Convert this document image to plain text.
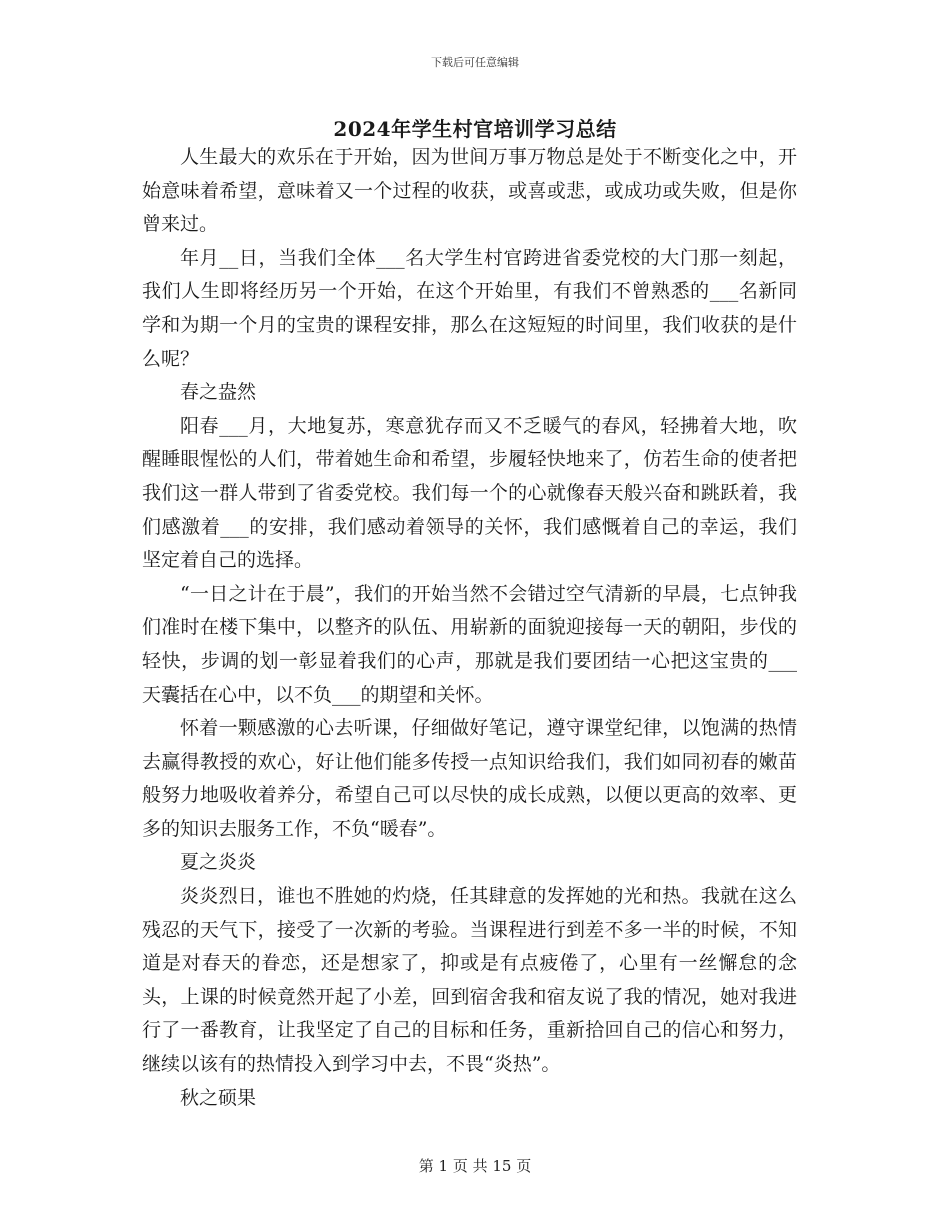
下载后可任意编辑
2024年学生村官培训学习总结

人生最大的欢乐在于开始，因为世间万事万物总是处于不断变化之中，开始意味着希望，意味着又一个过程的收获，或喜或悲，或成功或失败，但是你曾来过。

年月__日，当我们全体___名大学生村官跨进省委党校的大门那一刻起，我们人生即将经历另一个开始，在这个开始里，有我们不曾熟悉的___名新同学和为期一个月的宝贵的课程安排，那么在这短短的时间里，我们收获的是什么呢？

春之盎然

阳春___月，大地复苏，寒意犹存而又不乏暖气的春风，轻拂着大地，吹醒睡眼惺忪的人们，带着她生命和希望，步履轻快地来了，仿若生命的使者把我们这一群人带到了省委党校。我们每一个的心就像春天般兴奋和跳跃着，我们感激着___的安排，我们感动着领导的关怀，我们感慨着自己的幸运，我们坚定着自己的选择。

“一日之计在于晨”，我们的开始当然不会错过空气清新的早晨，七点钟我们准时在楼下集中，以整齐的队伍、用崭新的面貌迎接每一天的朝阳，步伐的轻快，步调的划一彰显着我们的心声，那就是我们要团结一心把这宝贵的___天囊括在心中，以不负___的期望和关怀。

怀着一颗感激的心去听课，仔细做好笔记，遵守课堂纪律，以饱满的热情去赢得教授的欢心，好让他们能多传授一点知识给我们，我们如同初春的嫩苗般努力地吸收着养分，希望自己可以尽快的成长成熟，以便以更高的效率、更多的知识去服务工作，不负“暖春”。

夏之炎炎

炎炎烈日，谁也不胜她的灼烧，任其肆意的发挥她的光和热。我就在这么残忍的天气下，接受了一次新的考验。当课程进行到差不多一半的时候，不知道是对春天的眷恋，还是想家了，抑或是有点疲倦了，心里有一丝懈怠的念头，上课的时候竟然开起了小差，回到宿舍我和宿友说了我的情况，她对我进行了一番教育，让我坚定了自己的目标和任务，重新拾回自己的信心和努力，继续以该有的热情投入到学习中去，不畏“炎热”。

秋之硕果

第 1 页 共 15 页
